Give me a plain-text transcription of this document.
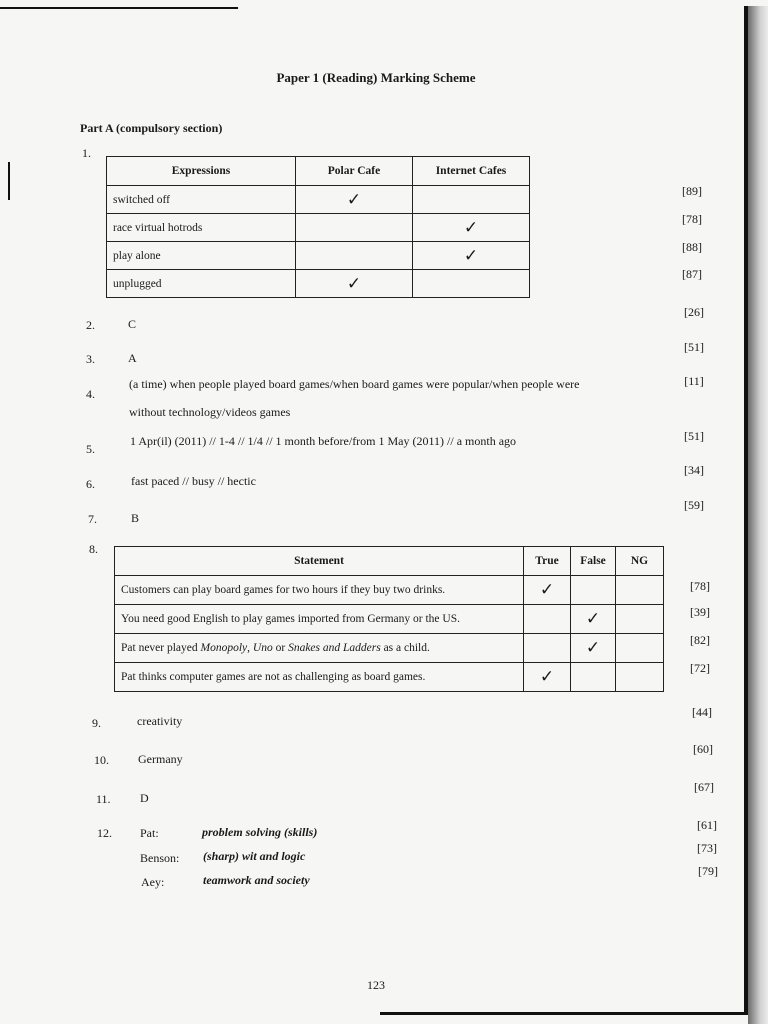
Paper 1 (Reading) Marking Scheme
Part A (compulsory section)
1.
Expressions	Polar Cafe	Internet Cafes
switched off	✓	
race virtual hotrods		✓
play alone		✓
unplugged	✓	
[89]
[78]
[88]
[87]
[26]
2.	C
[51]
3.	A
[11]
4.
(a time) when people played board games/when board games were popular/when people were
without technology/videos games
[51]
5.
1 Apr(il) (2011) // 1-4 // 1/4 // 1 month before/from 1 May (2011) // a month ago
[34]
6.	fast paced // busy // hectic
[59]
7.	B
8.
Statement	True	False	NG
Customers can play board games for two hours if they buy two drinks.	✓		
You need good English to play games imported from Germany or the US.		✓	
Pat never played Monopoly, Uno or Snakes and Ladders as a child.		✓	
Pat thinks computer games are not as challenging as board games.	✓		
[78]
[39]
[82]
[72]
[44]
9.	creativity
[60]
10. Germany
[67]
11. D
12. Pat:	problem solving (skills)	[61]
Benson: (sharp) wit and logic
[73]
Aey:	teamwork and society
[79]
123
